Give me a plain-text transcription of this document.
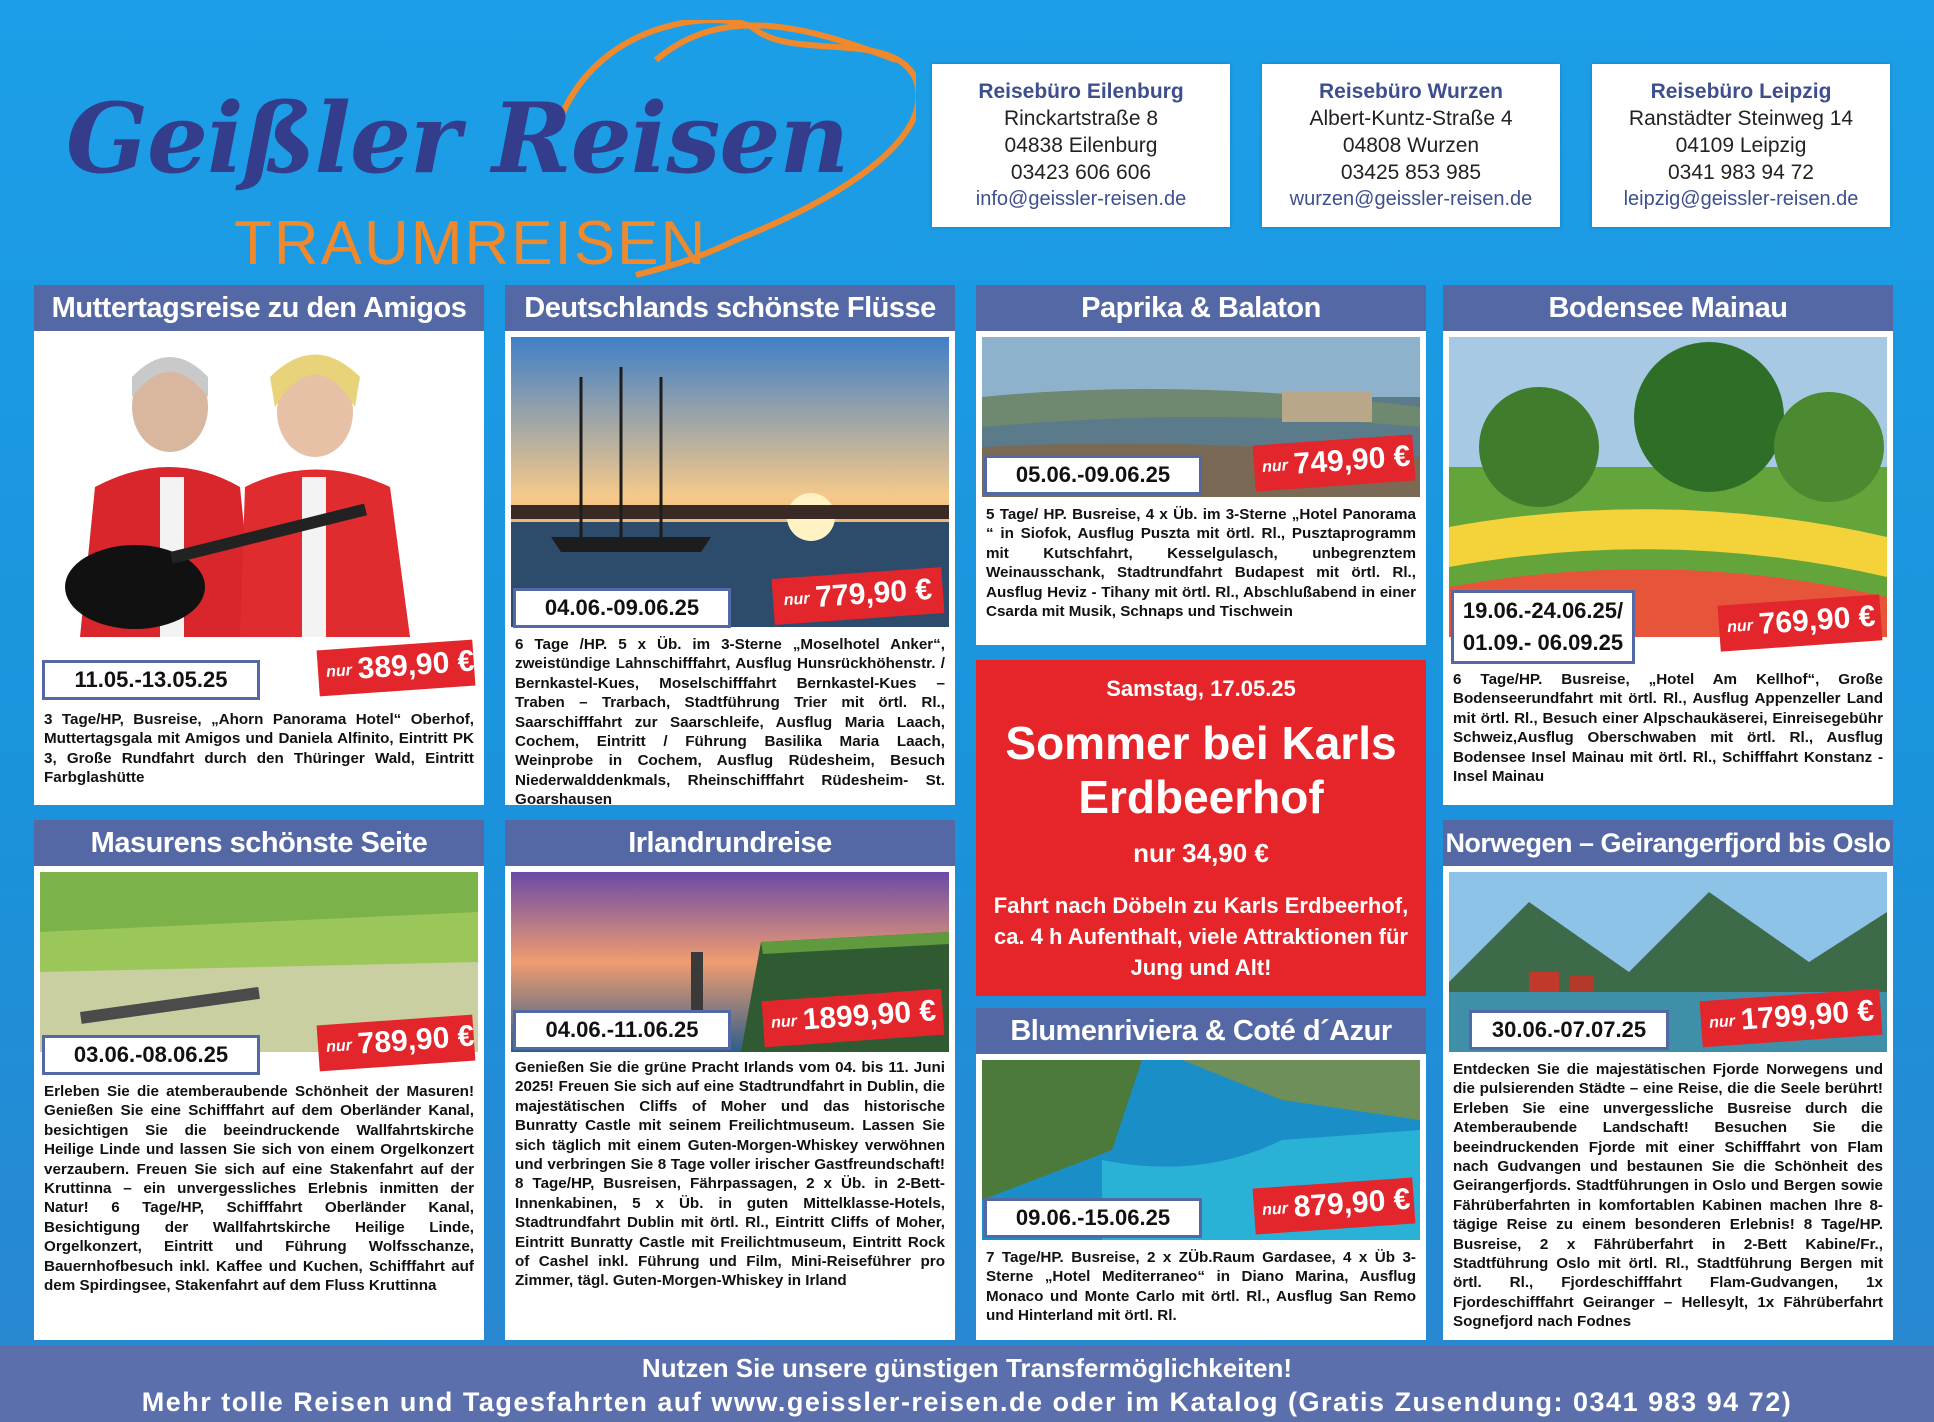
Geißler Reisen
TRAUMREISEN
Reisebüro Eilenburg
Rinckartstraße 8
04838 Eilenburg
03423 606 606
info@geissler-reisen.de
Reisebüro Wurzen
Albert-Kuntz-Straße 4
04808 Wurzen
03425 853 985
wurzen@geissler-reisen.de
Reisebüro Leipzig
Ranstädter Steinweg 14
04109 Leipzig
0341 983 94 72
leipzig@geissler-reisen.de
Muttertagsreise zu den Amigos
11.05.-13.05.25	nur 389,90 €
3 Tage/HP, Busreise, „Ahorn Panorama Hotel“ Oberhof, Muttertagsgala mit Amigos und Daniela Alfinito, Eintritt PK 3, Große Rundfahrt durch den Thüringer Wald, Eintritt Farbglashütte
Deutschlands schönste Flüsse
04.06.-09.06.25	nur 779,90 €
6 Tage /HP. 5 x Üb. im 3-Sterne „Moselhotel Anker“, zweistündige Lahnschifffahrt, Ausflug Hunsrückhöhenstr. / Bernkastel-Kues, Moselschifffahrt Bernkastel-Kues – Traben – Trarbach, Stadtführung Trier mit örtl. Rl., Saarschifffahrt zur Saarschleife, Ausflug Maria Laach, Cochem, Eintritt / Führung Basilika Maria Laach, Weinprobe in Cochem, Ausflug Rüdesheim, Besuch Niederwalddenkmals, Rheinschifffahrt Rüdesheim- St. Goarshausen
Paprika & Balaton
05.06.-09.06.25	nur 749,90 €
5 Tage/ HP. Busreise, 4 x Üb. im 3-Sterne „Hotel Panorama “ in Siofok, Ausflug Puszta mit örtl. Rl., Pusztaprogramm mit Kutschfahrt, Kesselgulasch, unbegrenztem Weinausschank, Stadtrundfahrt Budapest mit örtl. Rl., Ausflug Heviz - Tihany mit örtl. Rl., Abschlußabend in einer Csarda mit Musik, Schnaps und Tischwein
Bodensee Mainau
19.06.-24.06.25/ 01.09.- 06.09.25
nur 769,90 €
6 Tage/HP. Busreise, „Hotel Am Kellhof“, Große Bodenseerundfahrt mit örtl. Rl., Ausflug Appenzeller Land mit örtl. Rl., Besuch einer Alpschaukäserei, Einreisegebühr Schweiz,Ausflug Oberschwaben mit örtl. Rl., Ausflug Bodensee Insel Mainau mit örtl. Rl., Schifffahrt Konstanz - Insel Mainau
Masurens schönste Seite
03.06.-08.06.25	nur 789,90 €
Erleben Sie die atemberaubende Schönheit der Masuren! Genießen Sie eine Schifffahrt auf dem Oberländer Kanal, besichtigen Sie die beeindruckende Wallfahrtskirche Heilige Linde und lassen Sie sich von einem Orgelkonzert verzaubern. Freuen Sie sich auf eine Stakenfahrt auf der Kruttinna – ein unvergessliches Erlebnis inmitten der Natur! 6 Tage/HP, Schifffahrt Oberländer Kanal, Besichtigung der Wallfahrtskirche Heilige Linde, Orgelkonzert, Eintritt und Führung Wolfsschanze, Bauernhofbesuch inkl. Kaffee und Kuchen, Schifffahrt auf dem Spirdingsee, Stakenfahrt auf dem Fluss Kruttinna
Irlandrundreise
04.06.-11.06.25	nur 1899,90 €
Genießen Sie die grüne Pracht Irlands vom 04. bis 11. Juni 2025! Freuen Sie sich auf eine Stadtrundfahrt in Dublin, die majestätischen Cliffs of Moher und das historische Bunratty Castle mit seinem Freilichtmuseum. Lassen Sie sich täglich mit einem Guten-Morgen-Whiskey verwöhnen und verbringen Sie 8 Tage voller irischer Gastfreundschaft! 8 Tage/HP, Busreisen, Fährpassagen, 2 x Üb. in 2-Bett-Innenkabinen, 5 x Üb. in guten Mittelklasse-Hotels, Stadtrundfahrt Dublin mit örtl. Rl., Eintritt Cliffs of Moher, Eintritt Bunratty Castle mit Freilichtmuseum, Eintritt Rock of Cashel inkl. Führung und Film, Mini-Reiseführer pro Zimmer, tägl. Guten-Morgen-Whiskey in Irland
Samstag, 17.05.25
Sommer bei Karls Erdbeerhof
nur 34,90 €
Fahrt nach Döbeln zu Karls Erdbeerhof, ca. 4 h Aufenthalt, viele Attraktionen für Jung und Alt!
Blumenriviera & Coté d´Azur
09.06.-15.06.25	nur 879,90 €
7 Tage/HP. Busreise, 2 x ZÜb.Raum Gardasee, 4 x Üb 3-Sterne „Hotel Mediterraneo“ in Diano Marina, Ausflug Monaco und Monte Carlo mit örtl. Rl., Ausflug San Remo und Hinterland mit örtl. Rl.
Norwegen – Geirangerfjord bis Oslo
30.06.-07.07.25	nur 1799,90 €
Entdecken Sie die majestätischen Fjorde Norwegens und die pulsierenden Städte – eine Reise, die die Seele berührt! Erleben Sie eine unvergessliche Busreise durch die Atemberaubende Landschaft! Besuchen Sie die beeindruckenden Fjorde mit einer Schifffahrt von Flam nach Gudvangen und bestaunen Sie die Schönheit des Geirangerfjords. Stadtführungen in Oslo und Bergen sowie Fährüberfahrten in komfortablen Kabinen machen Ihre 8-tägige Reise zu einem besonderen Erlebnis! 8 Tage/HP. Busreise, 2 x Fährüberfahrt in 2-Bett Kabine/Fr., Stadtführung Oslo mit örtl. Rl., Stadtführung Bergen mit örtl. Rl., Fjordeschifffahrt Flam-Gudvangen, 1x Fjordeschifffahrt Geiranger – Hellesylt, 1x Fährüberfahrt Sognefjord nach Fodnes
Nutzen Sie unsere günstigen Transfermöglichkeiten!
Mehr tolle Reisen und Tagesfahrten auf www.geissler-reisen.de oder im Katalog (Gratis Zusendung: 0341 983 94 72)
